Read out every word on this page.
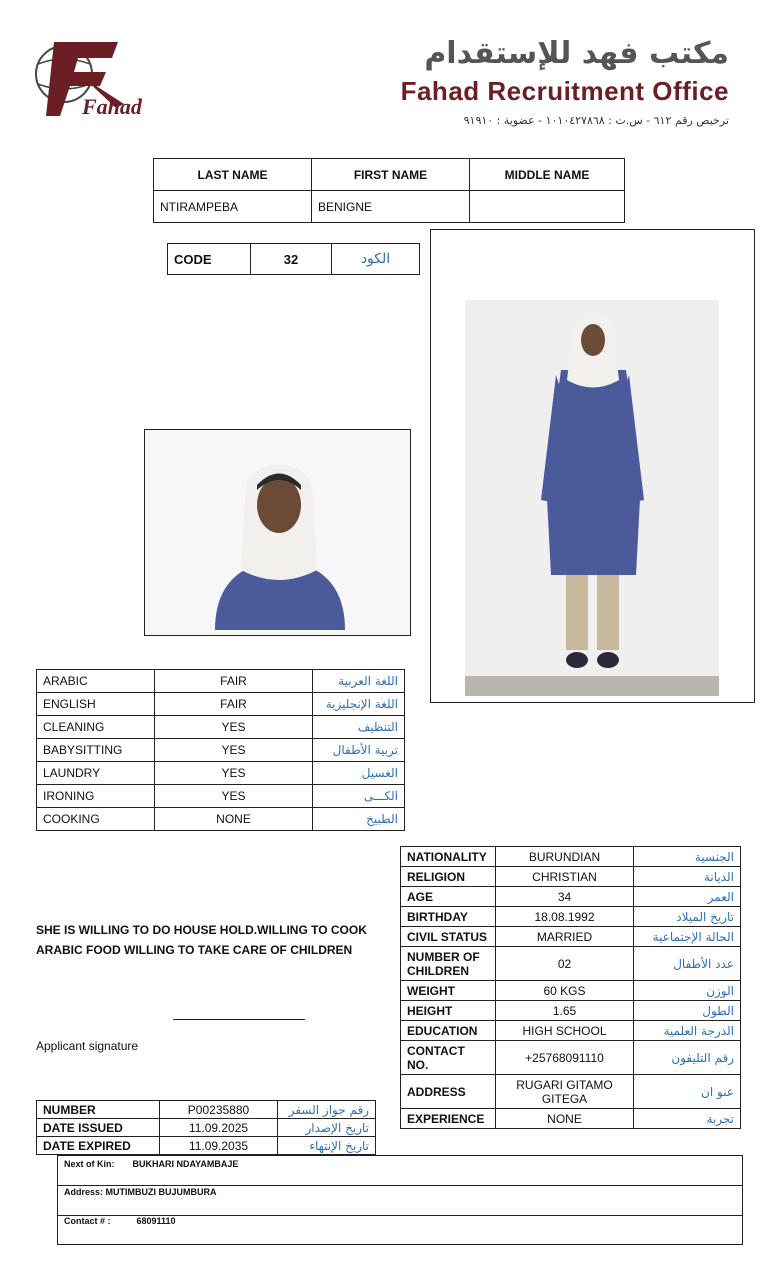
Fahad
مكتب فهد للإستقدام
Fahad Recruitment Office
ترخيص رقم ٦١٢ - س.ت : ١٠١٠٤٢٧٨٦٨ - عضوية : ٩١٩١٠
LAST NAME	FIRST NAME	MIDDLE NAME
NTIRAMPEBA	BENIGNE	
CODE	32	الكود
ARABIC	FAIR	اللغة العربية
ENGLISH	FAIR	اللغة الإنجليزية
CLEANING	YES	التنظيف
BABYSITTING	YES	تربية الأطفال
LAUNDRY	YES	الغسيل
IRONING	YES	الكـــى
COOKING	NONE	الطبيخ
NATIONALITY	BURUNDIAN	الجنسية
RELIGION	CHRISTIAN	الديانة
AGE	34	العمر
BIRTHDAY	18.08.1992	تاريخ الميلاد
CIVIL STATUS	MARRIED	الحالة الإجتماعية
NUMBER OF CHILDREN	02	عدد الأطفال
WEIGHT	60 KGS	الوزن
HEIGHT	1.65	الطول
EDUCATION	HIGH SCHOOL	الدرجة العلمية
CONTACT NO.	+25768091110	رقم التليفون
ADDRESS	RUGARI GITAMO GITEGA	عنو ان
EXPERIENCE	NONE	تجربة
SHE IS WILLING TO DO HOUSE HOLD.WILLING TO COOK ARABIC FOOD WILLING TO TAKE CARE OF CHILDREN
Applicant signature
NUMBER	P00235880	رقم جواز السفر
DATE ISSUED	11.09.2025	تاريخ الإصدار
DATE EXPIRED	11.09.2035	تاريخ الإنتهاء
Next of Kin: BUKHARI NDAYAMBAJE
Address: MUTIMBUZI BUJUMBURA
Contact # :	68091110
